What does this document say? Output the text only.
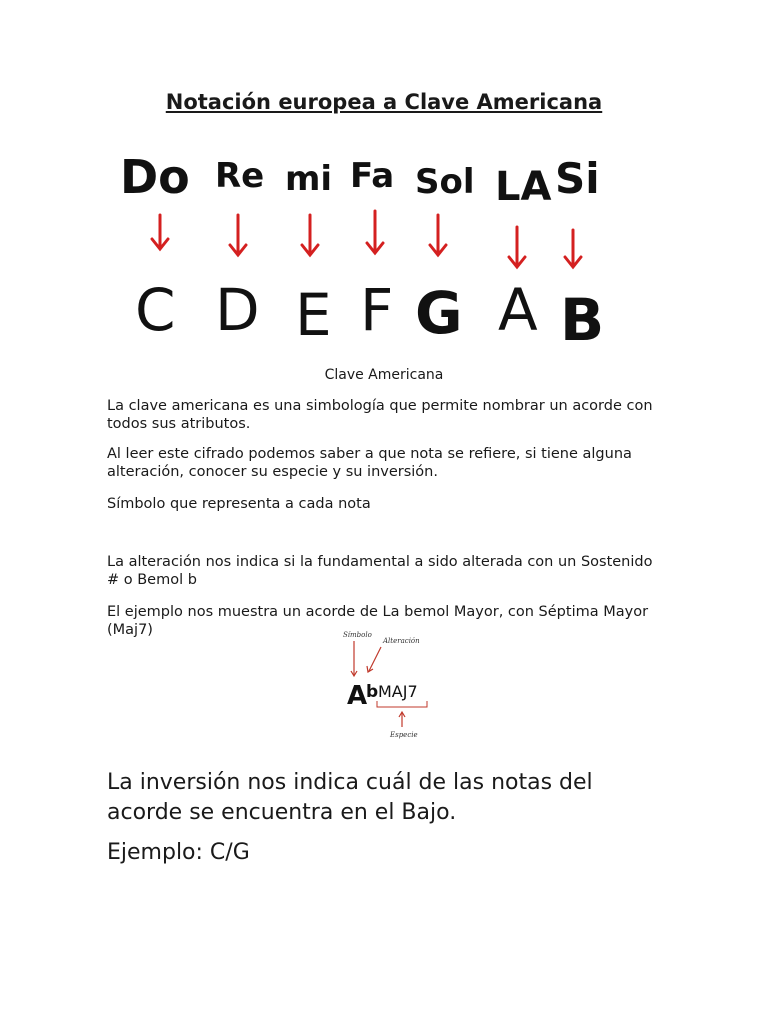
Notación europea a Clave Americana
Do Re mi Fa Sol LA Si
C D E F G A B
Clave Americana

La clave americana es una simbología que permite nombrar un acorde con todos sus atributos.

Al leer este cifrado podemos saber a que nota se refiere, si tiene alguna alteración, conocer su especie y su inversión.

Símbolo que representa a cada nota

La alteración nos indica si la fundamental a sido alterada con un Sostenido # o Bemol b

El ejemplo nos muestra un acorde de La bemol Mayor, con Séptima Mayor (Maj7)	Símbolo
Alteración
A
b MAJ7
Especie

La inversión nos indica cuál de las notas del acorde se encuentra en el Bajo.

Ejemplo: C/G
